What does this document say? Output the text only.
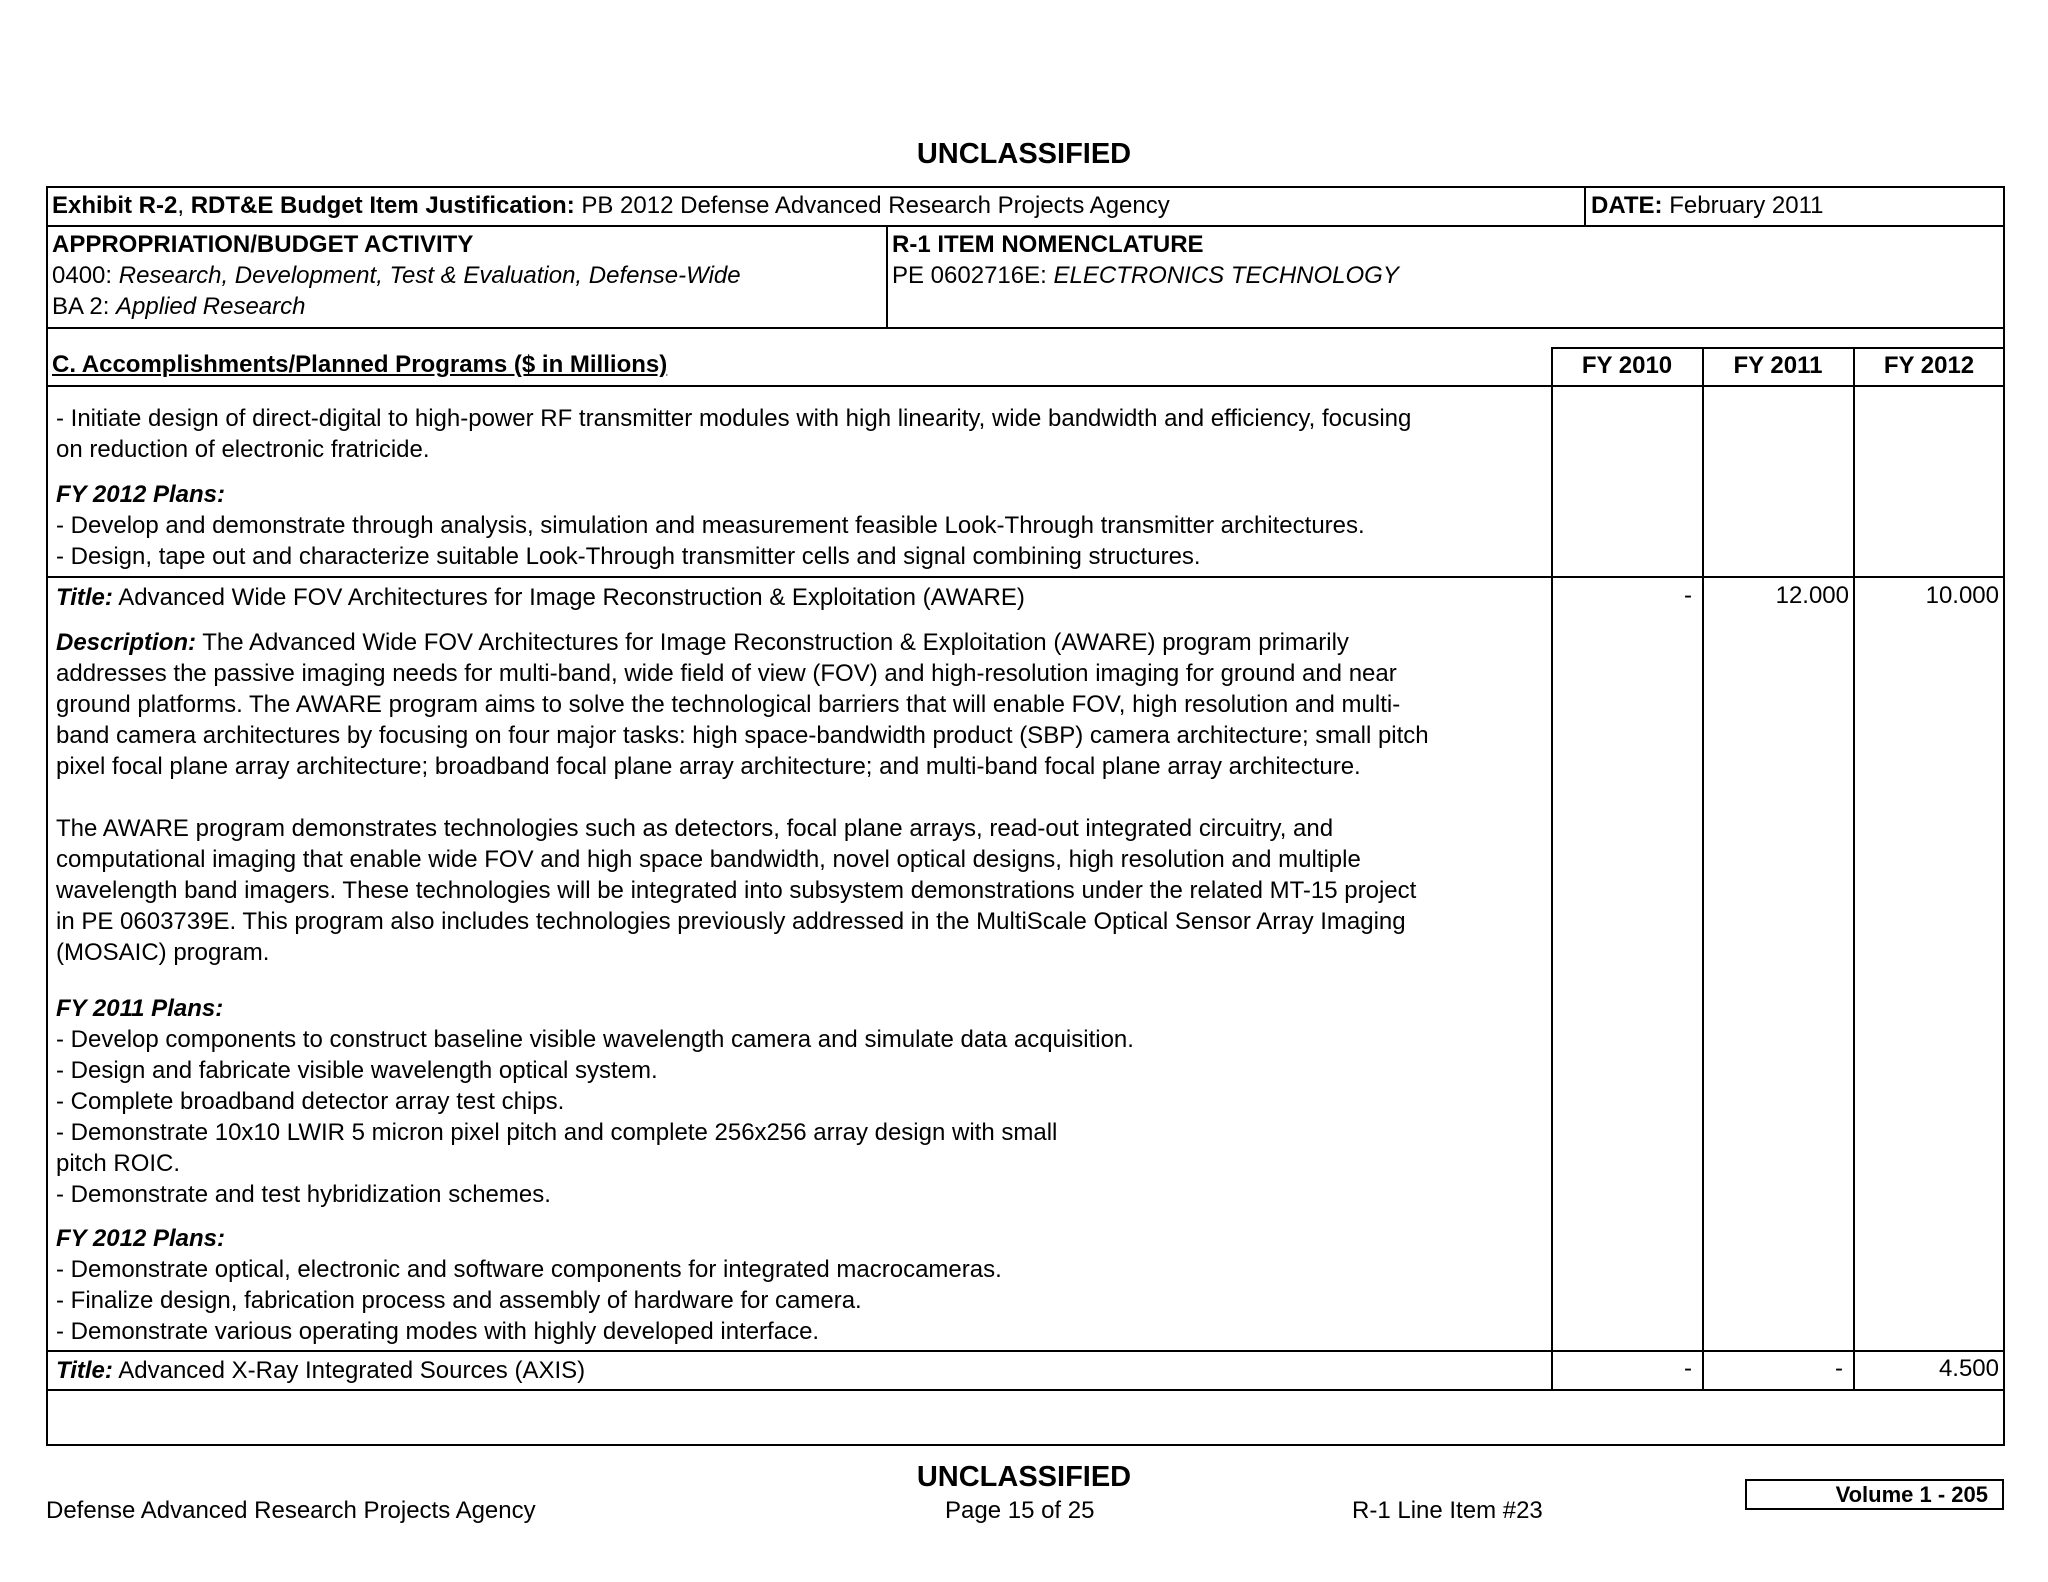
UNCLASSIFIED
Exhibit R-2, RDT&E Budget Item Justification: PB 2012 Defense Advanced Research Projects Agency	DATE: February 2011
APPROPRIATION/BUDGET ACTIVITY
0400: Research, Development, Test & Evaluation, Defense-Wide
BA 2: Applied Research
R-1 ITEM NOMENCLATURE
PE 0602716E: ELECTRONICS TECHNOLOGY
C. Accomplishments/Planned Programs ($ in Millions)	FY 2010	FY 2011	FY 2012
- Initiate design of direct-digital to high-power RF transmitter modules with high linearity, wide bandwidth and efficiency, focusing
on reduction of electronic fratricide.
FY 2012 Plans:
- Develop and demonstrate through analysis, simulation and measurement feasible Look-Through transmitter architectures.
- Design, tape out and characterize suitable Look-Through transmitter cells and signal combining structures.
Title: Advanced Wide FOV Architectures for Image Reconstruction & Exploitation (AWARE)	-	12.000	10.000
Description: The Advanced Wide FOV Architectures for Image Reconstruction & Exploitation (AWARE) program primarily
addresses the passive imaging needs for multi-band, wide field of view (FOV) and high-resolution imaging for ground and near
ground platforms. The AWARE program aims to solve the technological barriers that will enable FOV, high resolution and multi-
band camera architectures by focusing on four major tasks: high space-bandwidth product (SBP) camera architecture; small pitch
pixel focal plane array architecture; broadband focal plane array architecture; and multi-band focal plane array architecture.
The AWARE program demonstrates technologies such as detectors, focal plane arrays, read-out integrated circuitry, and
computational imaging that enable wide FOV and high space bandwidth, novel optical designs, high resolution and multiple
wavelength band imagers. These technologies will be integrated into subsystem demonstrations under the related MT-15 project
in PE 0603739E. This program also includes technologies previously addressed in the MultiScale Optical Sensor Array Imaging
(MOSAIC) program.
FY 2011 Plans:
- Develop components to construct baseline visible wavelength camera and simulate data acquisition.
- Design and fabricate visible wavelength optical system.
- Complete broadband detector array test chips.
- Demonstrate 10x10 LWIR 5 micron pixel pitch and complete 256x256 array design with small
pitch ROIC.
- Demonstrate and test hybridization schemes.
FY 2012 Plans:
- Demonstrate optical, electronic and software components for integrated macrocameras.
- Finalize design, fabrication process and assembly of hardware for camera.
- Demonstrate various operating modes with highly developed interface.
Title: Advanced X-Ray Integrated Sources (AXIS)	-	-	4.500
UNCLASSIFIED
Defense Advanced Research Projects Agency	Page 15 of 25	R-1 Line Item #23
Volume 1 - 205
